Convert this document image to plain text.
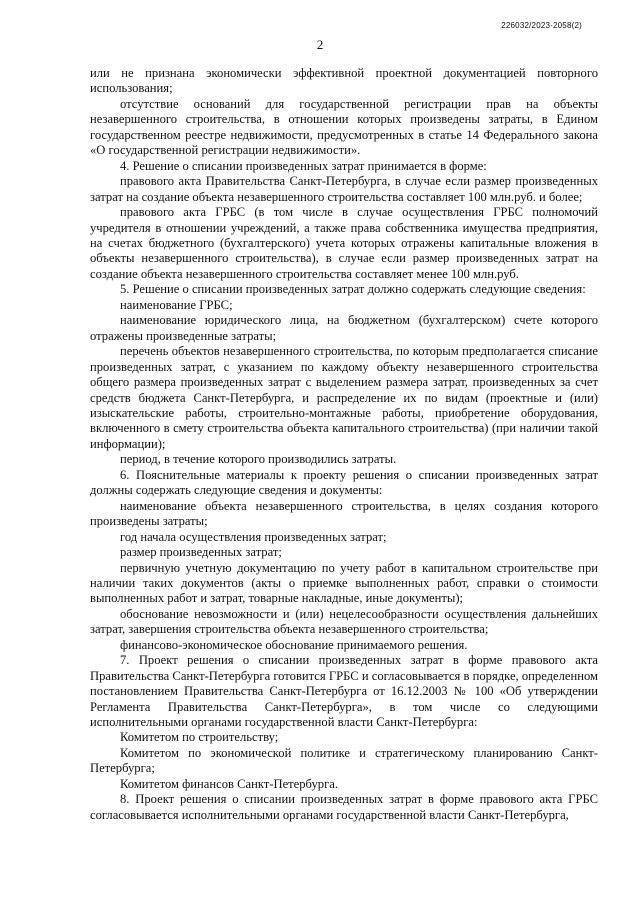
226032/2023-2058(2)
2

или не признана экономически эффективной проектной документацией повторного использования;

отсутствие оснований для государственной регистрации прав на объекты незавершенного строительства, в отношении которых произведены затраты, в Едином государственном реестре недвижимости, предусмотренных в статье 14 Федерального закона «О государственной регистрации недвижимости».

4. Решение о списании произведенных затрат принимается в форме:

правового акта Правительства Санкт-Петербурга, в случае если размер произведенных затрат на создание объекта незавершенного строительства составляет 100 млн.руб. и более;

правового акта ГРБС (в том числе в случае осуществления ГРБС полномочий учредителя в отношении учреждений, а также права собственника имущества предприятия, на счетах бюджетного (бухгалтерского) учета которых отражены капитальные вложения в объекты незавершенного строительства), в случае если размер произведенных затрат на создание объекта незавершенного строительства составляет менее 100 млн.руб.

5. Решение о списании произведенных затрат должно содержать следующие сведения:

наименование ГРБС;

наименование юридического лица, на бюджетном (бухгалтерском) счете которого отражены произведенные затраты;

перечень объектов незавершенного строительства, по которым предполагается списание произведенных затрат, с указанием по каждому объекту незавершенного строительства общего размера произведенных затрат с выделением размера затрат, произведенных за счет средств бюджета Санкт-Петербурга, и распределение их по видам (проектные и (или) изыскательские работы, строительно-монтажные работы, приобретение оборудования, включенного в смету строительства объекта капитального строительства) (при наличии такой информации);

период, в течение которого производились затраты.

6. Пояснительные материалы к проекту решения о списании произведенных затрат должны содержать следующие сведения и документы:

наименование объекта незавершенного строительства, в целях создания которого произведены затраты;

год начала осуществления произведенных затрат;

размер произведенных затрат;

первичную учетную документацию по учету работ в капитальном строительстве при наличии таких документов (акты о приемке выполненных работ, справки о стоимости выполненных работ и затрат, товарные накладные, иные документы);

обоснование невозможности и (или) нецелесообразности осуществления дальнейших затрат, завершения строительства объекта незавершенного строительства;

финансово-экономическое обоснование принимаемого решения.

7. Проект решения о списании произведенных затрат в форме правового акта Правительства Санкт-Петербурга готовится ГРБС и согласовывается в порядке, определенном постановлением Правительства Санкт-Петербурга от 16.12.2003 № 100 «Об утверждении Регламента Правительства Санкт-Петербурга», в том числе со следующими исполнительными органами государственной власти Санкт-Петербурга:

Комитетом по строительству;

Комитетом по экономической политике и стратегическому планированию Санкт-Петербурга;

Комитетом финансов Санкт-Петербурга.

8. Проект решения о списании произведенных затрат в форме правового акта ГРБС согласовывается исполнительными органами государственной власти Санкт-Петербурга,
